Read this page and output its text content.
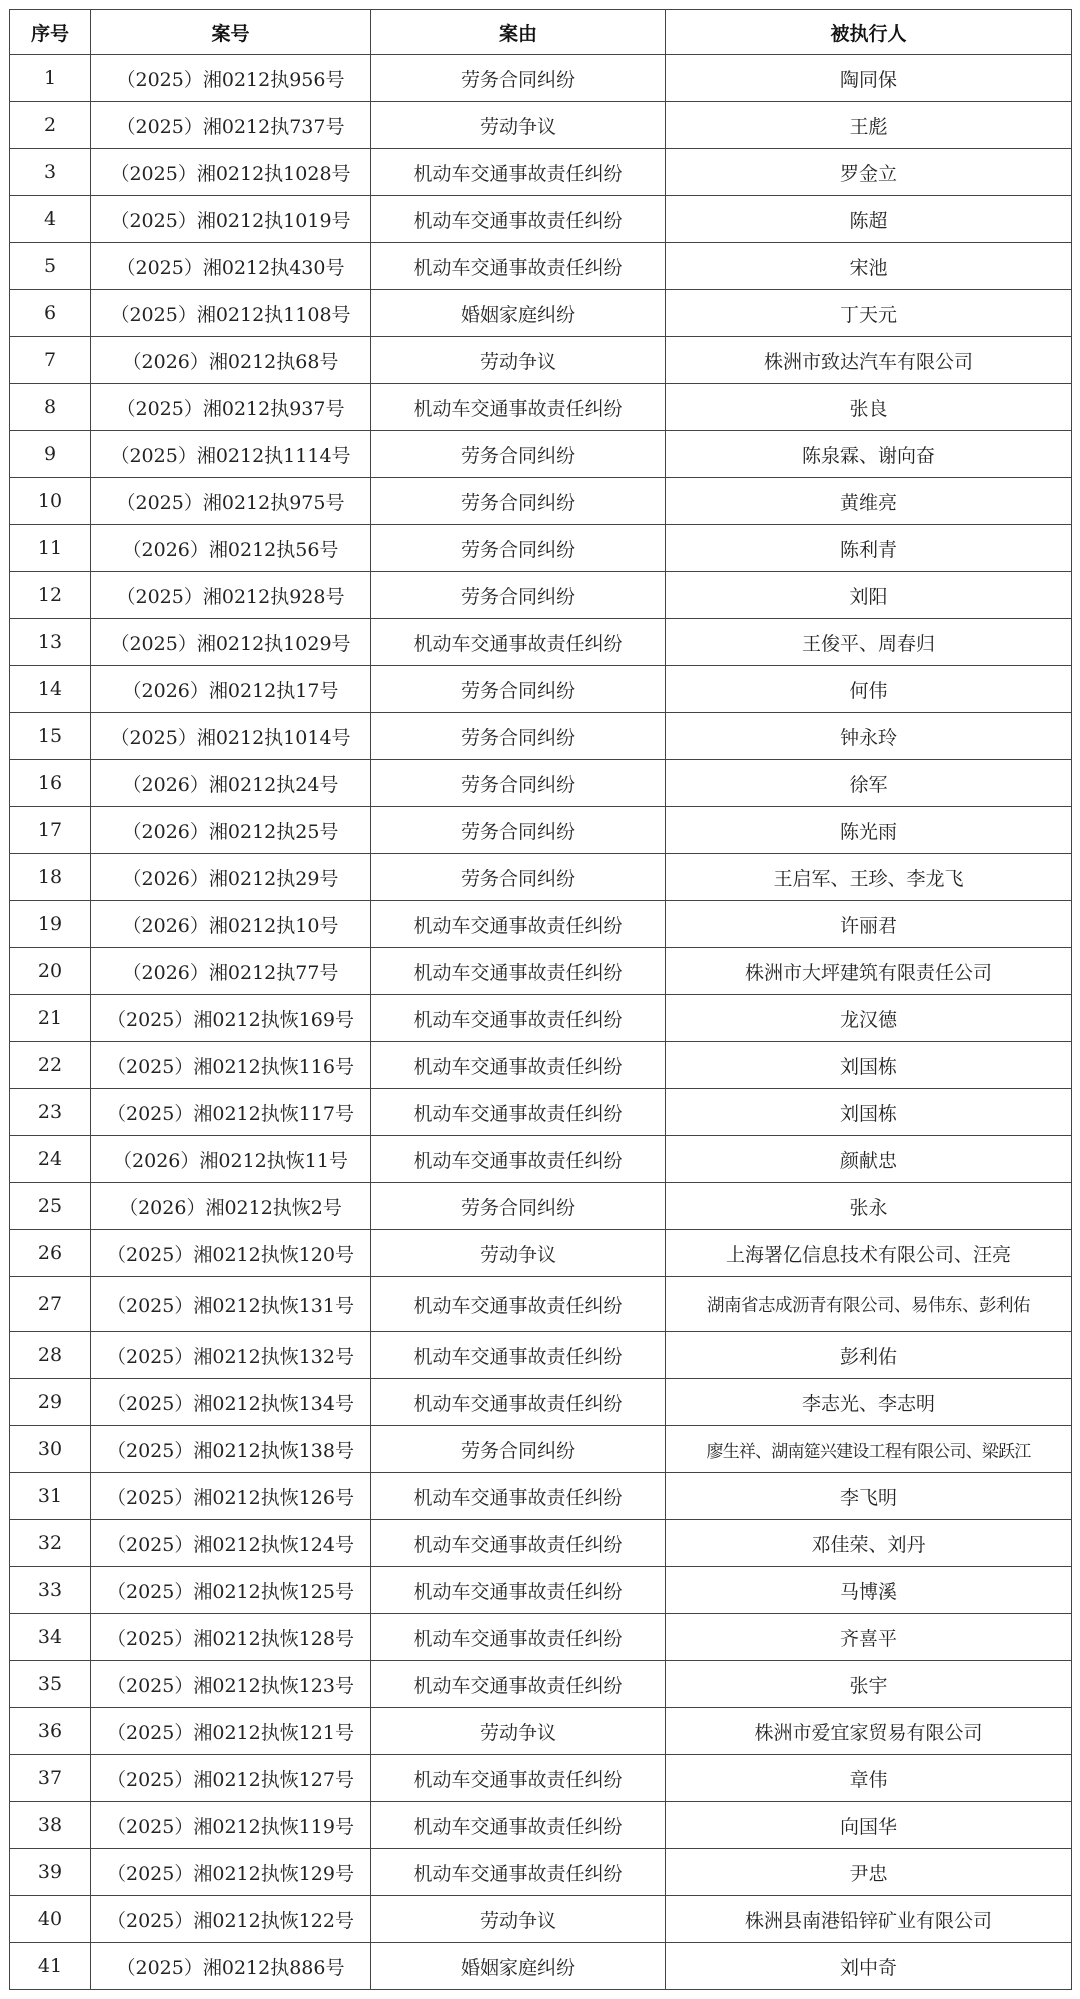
序号	案号	案由	被执行人
1	（2025）湘0212执956号	劳务合同纠纷	陶同保
2	（2025）湘0212执737号	劳动争议	王彪
3	（2025）湘0212执1028号	机动车交通事故责任纠纷	罗金立
4	（2025）湘0212执1019号	机动车交通事故责任纠纷	陈超
5	（2025）湘0212执430号	机动车交通事故责任纠纷	宋池
6	（2025）湘0212执1108号	婚姻家庭纠纷	丁天元
7	（2026）湘0212执68号	劳动争议	株洲市致达汽车有限公司
8	（2025）湘0212执937号	机动车交通事故责任纠纷	张良
9	（2025）湘0212执1114号	劳务合同纠纷	陈泉霖、谢向奋
10	（2025）湘0212执975号	劳务合同纠纷	黄维亮
11	（2026）湘0212执56号	劳务合同纠纷	陈利青
12	（2025）湘0212执928号	劳务合同纠纷	刘阳
13	（2025）湘0212执1029号	机动车交通事故责任纠纷	王俊平、周春归
14	（2026）湘0212执17号	劳务合同纠纷	何伟
15	（2025）湘0212执1014号	劳务合同纠纷	钟永玲
16	（2026）湘0212执24号	劳务合同纠纷	徐军
17	（2026）湘0212执25号	劳务合同纠纷	陈光雨
18	（2026）湘0212执29号	劳务合同纠纷	王启军、王珍、李龙飞
19	（2026）湘0212执10号	机动车交通事故责任纠纷	许丽君
20	（2026）湘0212执77号	机动车交通事故责任纠纷	株洲市大坪建筑有限责任公司
21	（2025）湘0212执恢169号	机动车交通事故责任纠纷	龙汉德
22	（2025）湘0212执恢116号	机动车交通事故责任纠纷	刘国栋
23	（2025）湘0212执恢117号	机动车交通事故责任纠纷	刘国栋
24	（2026）湘0212执恢11号	机动车交通事故责任纠纷	颜献忠
25	（2026）湘0212执恢2号	劳务合同纠纷	张永
26	（2025）湘0212执恢120号	劳动争议	上海署亿信息技术有限公司、汪亮
27	（2025）湘0212执恢131号	机动车交通事故责任纠纷	湖南省志成沥青有限公司、易伟东、彭利佑
28	（2025）湘0212执恢132号	机动车交通事故责任纠纷	彭利佑
29	（2025）湘0212执恢134号	机动车交通事故责任纠纷	李志光、李志明
30	（2025）湘0212执恢138号	劳务合同纠纷	廖生祥、湖南筵兴建设工程有限公司、梁跃江
31	（2025）湘0212执恢126号	机动车交通事故责任纠纷	李飞明
32	（2025）湘0212执恢124号	机动车交通事故责任纠纷	邓佳荣、刘丹
33	（2025）湘0212执恢125号	机动车交通事故责任纠纷	马博溪
34	（2025）湘0212执恢128号	机动车交通事故责任纠纷	齐喜平
35	（2025）湘0212执恢123号	机动车交通事故责任纠纷	张宇
36	（2025）湘0212执恢121号	劳动争议	株洲市爱宜家贸易有限公司
37	（2025）湘0212执恢127号	机动车交通事故责任纠纷	章伟
38	（2025）湘0212执恢119号	机动车交通事故责任纠纷	向国华
39	（2025）湘0212执恢129号	机动车交通事故责任纠纷	尹忠
40	（2025）湘0212执恢122号	劳动争议	株洲县南港铅锌矿业有限公司
41	（2025）湘0212执886号	婚姻家庭纠纷	刘中奇
